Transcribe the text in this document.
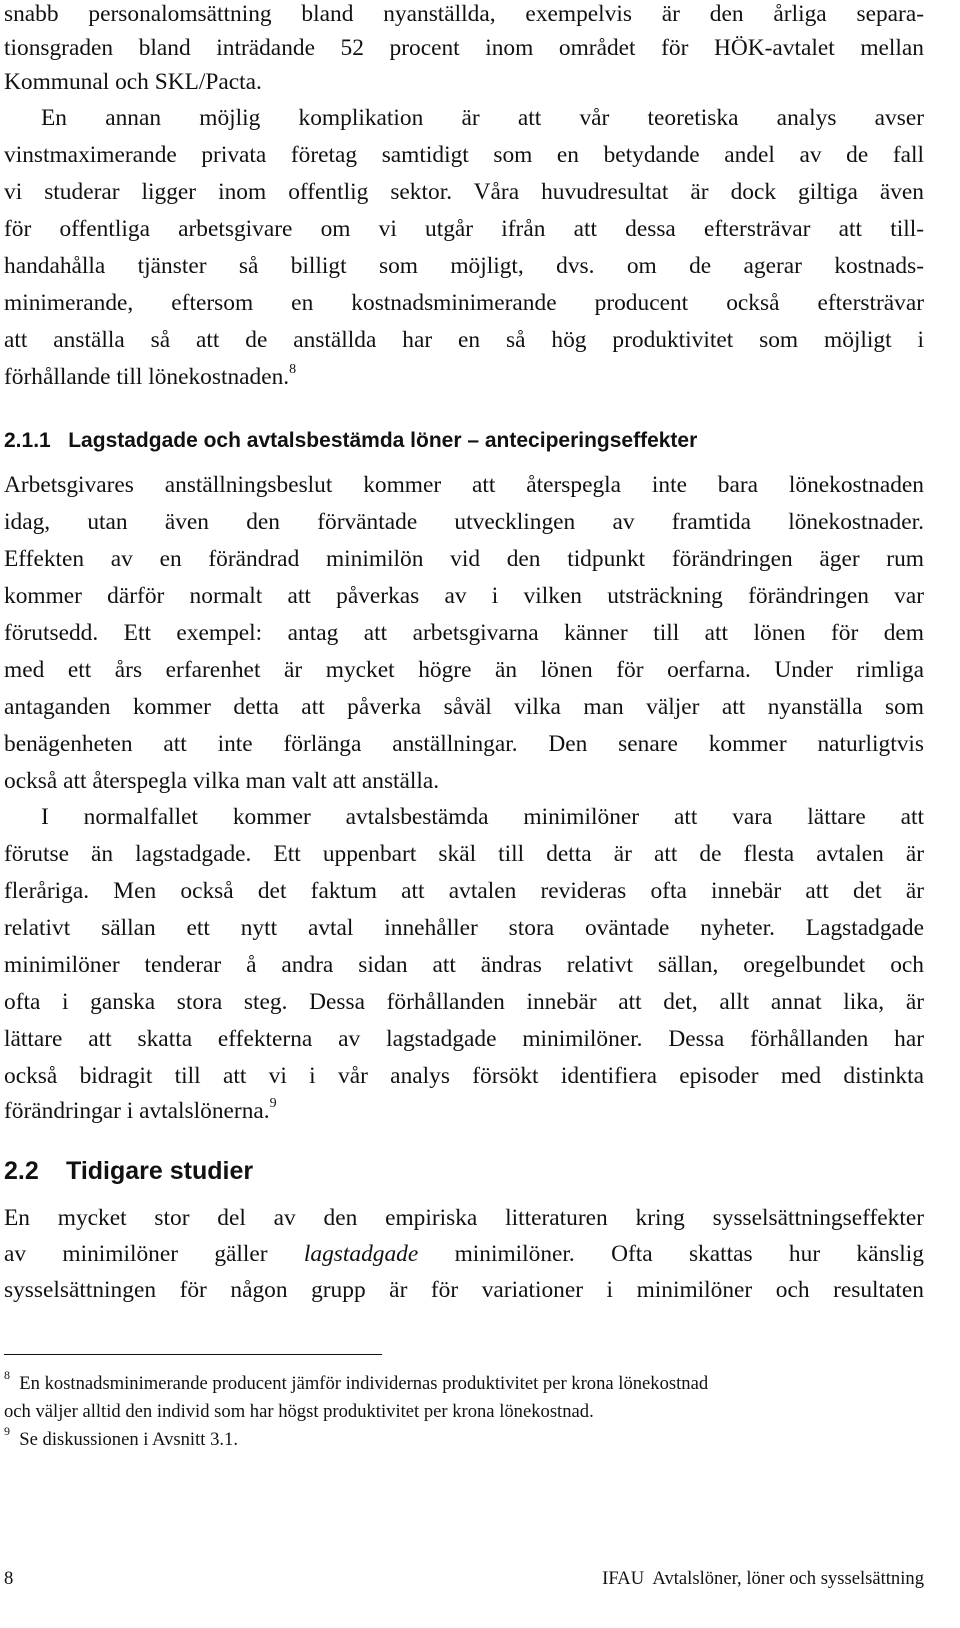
snabb personalomsättning bland nyanställda, exempelvis är den årliga separa-
tionsgraden bland inträdande 52 procent inom området för HÖK-avtalet mellan
Kommunal och SKL/Pacta.
En annan möjlig komplikation är att vår teoretiska analys avser
vinstmaximerande privata företag samtidigt som en betydande andel av de fall
vi studerar ligger inom offentlig sektor. Våra huvudresultat är dock giltiga även
för offentliga arbetsgivare om vi utgår ifrån att dessa eftersträvar att till-
handahålla tjänster så billigt som möjligt, dvs. om de agerar kostnads-
minimerande, eftersom en kostnadsminimerande producent också eftersträvar
att anställa så att de anställda har en så hög produktivitet som möjligt i
förhållande till lönekostnaden.$^8$
2.1.1 Lagstadgade och avtalsbestämda löner – anteciperingseffekter
Arbetsgivares anställningsbeslut kommer att återspegla inte bara lönekostnaden
idag, utan även den förväntade utvecklingen av framtida lönekostnader.
Effekten av en förändrad minimilön vid den tidpunkt förändringen äger rum
kommer därför normalt att påverkas av i vilken utsträckning förändringen var
förutsedd. Ett exempel: antag att arbetsgivarna känner till att lönen för dem
med ett års erfarenhet är mycket högre än lönen för oerfarna. Under rimliga
antaganden kommer detta att påverka såväl vilka man väljer att nyanställa som
benägenheten att inte förlänga anställningar. Den senare kommer naturligtvis
också att återspegla vilka man valt att anställa.
I normalfallet kommer avtalsbestämda minimilöner att vara lättare att
förutse än lagstadgade. Ett uppenbart skäl till detta är att de flesta avtalen är
fleråriga. Men också det faktum att avtalen revideras ofta innebär att det är
relativt sällan ett nytt avtal innehåller stora oväntade nyheter. Lagstadgade
minimilöner tenderar å andra sidan att ändras relativt sällan, oregelbundet och
ofta i ganska stora steg. Dessa förhållanden innebär att det, allt annat lika, är
lättare att skatta effekterna av lagstadgade minimilöner. Dessa förhållanden har
också bidragit till att vi i vår analys försökt identifiera episoder med distinkta
förändringar i avtalslönerna.$^9$
2.2 Tidigare studier
En mycket stor del av den empiriska litteraturen kring sysselsättningseffekter
av minimilöner gäller lagstadgade minimilöner. Ofta skattas hur känslig
sysselsättningen för någon grupp är för variationer i minimilöner och resultaten
$^8$ En kostnadsminimerande producent jämför individernas produktivitet per krona lönekostnad
och väljer alltid den individ som har högst produktivitet per krona lönekostnad.
$^9$ Se diskussionen i Avsnitt 3.1.
8	IFAU  Avtalslöner, löner och sysselsättning
